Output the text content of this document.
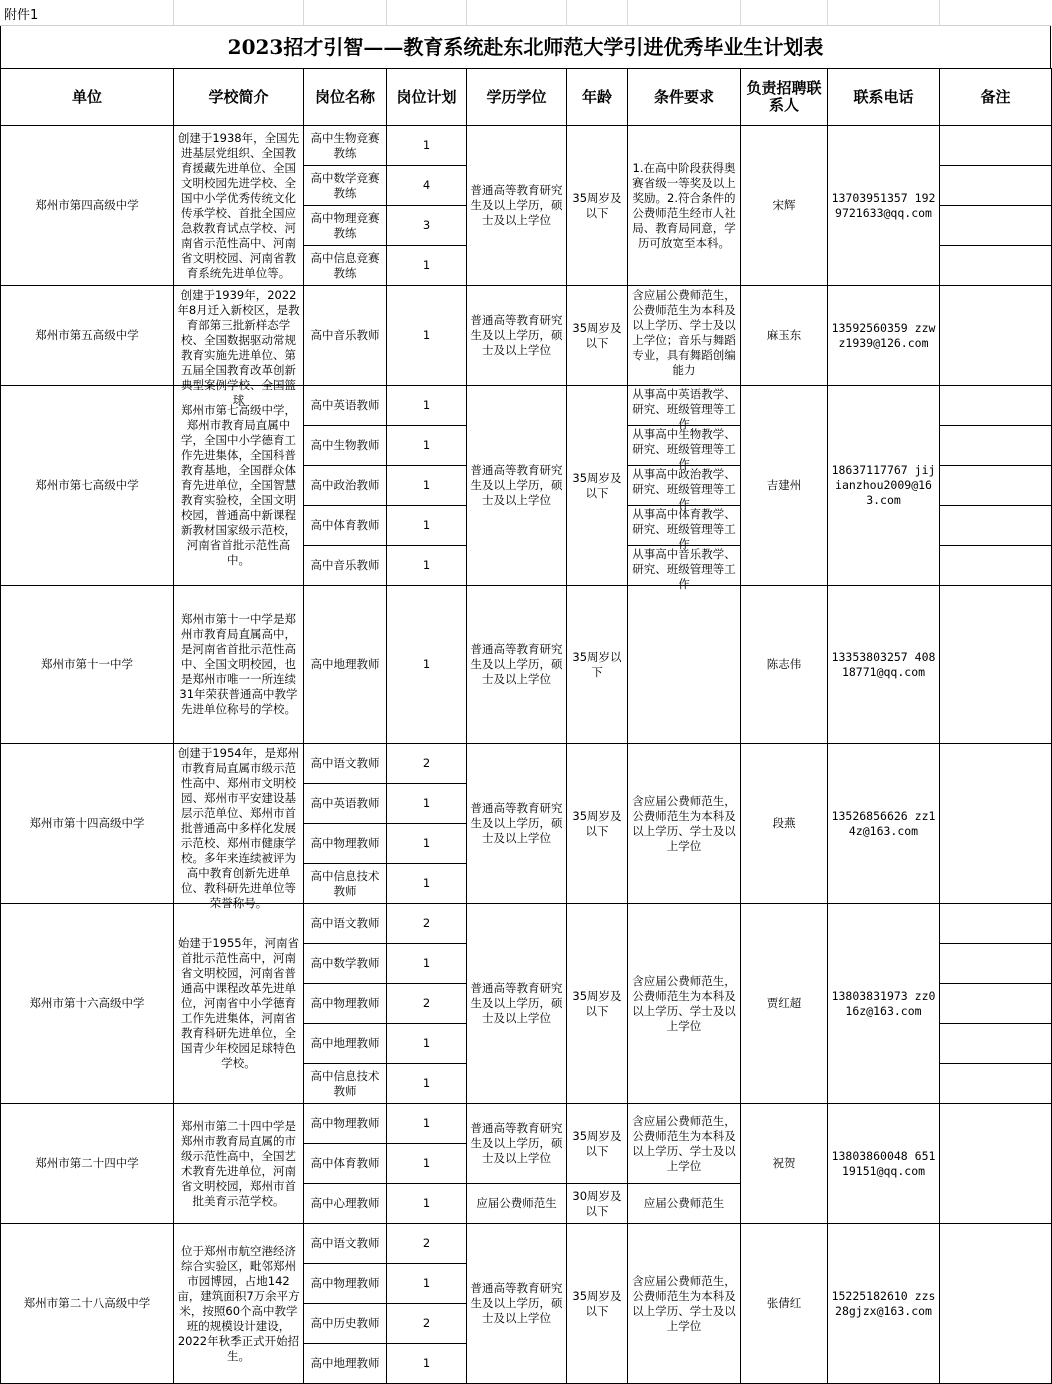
附件1
2023招才引智——教育系统赴东北师范大学引进优秀毕业生计划表
单位	学校简介	岗位名称	岗位计划	学历学位	年龄	条件要求	负责招聘联系人	联系电话	备注
郑州市第四高级中学	创建于1938年，全国先进基层党组织、全国教育援藏先进单位、全国文明校园先进学校、全国中小学优秀传统文化传承学校、首批全国应急救教育试点学校、河南省示范性高中、河南省文明校园、河南省教育系统先进单位等。	高中生物竞赛教练	1	普通高等教育研究生及以上学历，硕士及以上学位	35周岁及以下	1.在高中阶段获得奥赛省级一等奖及以上奖励。2.符合条件的公费师范生经市人社局、教育局同意，学历可放宽至本科。	宋辉	13703951357 1929721633@qq.com	
		高中数学竞赛教练	4						
		高中物理竞赛教练	3						
		高中信息竞赛教练	1						
郑州市第五高级中学	创建于1939年，2022年8月迁入新校区，是教育部第三批新样态学校、全国数据驱动常规教育实施先进单位、第五届全国教育改革创新典型案例学校、全国篮球	高中音乐教师	1	普通高等教育研究生及以上学历，硕士及以上学位	35周岁及以下	含应届公费师范生，公费师范生为本科及以上学历、学士及以上学位；音乐与舞蹈专业，具有舞蹈创编能力	麻玉东	13592560359 zzwz1939@126.com	
郑州市第七高级中学	郑州市第七高级中学，郑州市教育局直属中学，全国中小学德育工作先进集体，全国科普教育基地，全国群众体育先进单位，全国智慧教育实验校，全国文明校园，普通高中新课程新教材国家级示范校，河南省首批示范性高中。	高中英语教师	1	普通高等教育研究生及以上学历，硕士及以上学位	35周岁及以下	从事高中英语教学、研究、班级管理等工作	吉建州	18637117767 jijianzhou2009@163.com	
		高中生物教师	1			从事高中生物教学、研究、班级管理等工作			

		高中政治教师	1			从事高中政治教学、研究、班级管理等工作			

		高中体育教师	1			从事高中体育教学、研究、班级管理等工作			

		高中音乐教师	1			从事高中音乐教学、研究、班级管理等工作			

郑州市第十一中学	郑州市第十一中学是郑州市教育局直属高中，是河南省首批示范性高中、全国文明校园，也是郑州市唯一一所连续31年荣获普通高中教学先进单位称号的学校。	高中地理教师	1	普通高等教育研究生及以上学历，硕士及以上学位	35周岁以下		陈志伟	13353803257 40818771@qq.com	
郑州市第十四高级中学	创建于1954年，是郑州市教育局直属市级示范性高中、郑州市文明校园、郑州市平安建设基层示范单位、郑州市首批普通高中多样化发展示范校、郑州市健康学校。多年来连续被评为高中教育创新先进单位、教科研先进单位等荣誉称号。	高中语文教师	2	普通高等教育研究生及以上学历，硕士及以上学位	35周岁及以下	含应届公费师范生，公费师范生为本科及以上学历、学士及以上学位	段燕	13526856626 zz14z@163.com	
		高中英语教师	1						
		高中物理教师	1						
		高中信息技术教师	1						
郑州市第十六高级中学	始建于1955年，河南省首批示范性高中，河南省文明校园，河南省普通高中课程改革先进单位，河南省中小学德育工作先进集体，河南省教育科研先进单位，全国青少年校园足球特色学校。	高中语文教师	2	普通高等教育研究生及以上学历，硕士及以上学位	35周岁及以下	含应届公费师范生，公费师范生为本科及以上学历、学士及以上学位	贾红超	13803831973 zz016z@163.com	
		高中数学教师	1						
		高中物理教师	2						
		高中地理教师	1						
		高中信息技术教师	1						
郑州市第二十四中学	郑州市第二十四中学是郑州市教育局直属的市级示范性高中，全国艺术教育先进单位，河南省文明校园，郑州市首批美育示范学校。	高中物理教师	1	普通高等教育研究生及以上学历，硕士及以上学位	35周岁及以下	含应届公费师范生，公费师范生为本科及以上学历、学士及以上学位	祝贺	13803860048 65119151@qq.com	
		高中体育教师	1						
		高中心理教师	1	应届公费师范生	30周岁及以下	应届公费师范生			
郑州市第二十八高级中学	位于郑州市航空港经济综合实验区，毗邻郑州市园博园，占地142亩，建筑面积7万余平方米，按照60个高中教学班的规模设计建设，2022年秋季正式开始招生。	高中语文教师	2	普通高等教育研究生及以上学历，硕士及以上学位	35周岁及以下	含应届公费师范生，公费师范生为本科及以上学历、学士及以上学位	张倩红	15225182610 zzs28gjzx@163.com	
		高中物理教师	1						
		高中历史教师	2						
		高中地理教师	1						
